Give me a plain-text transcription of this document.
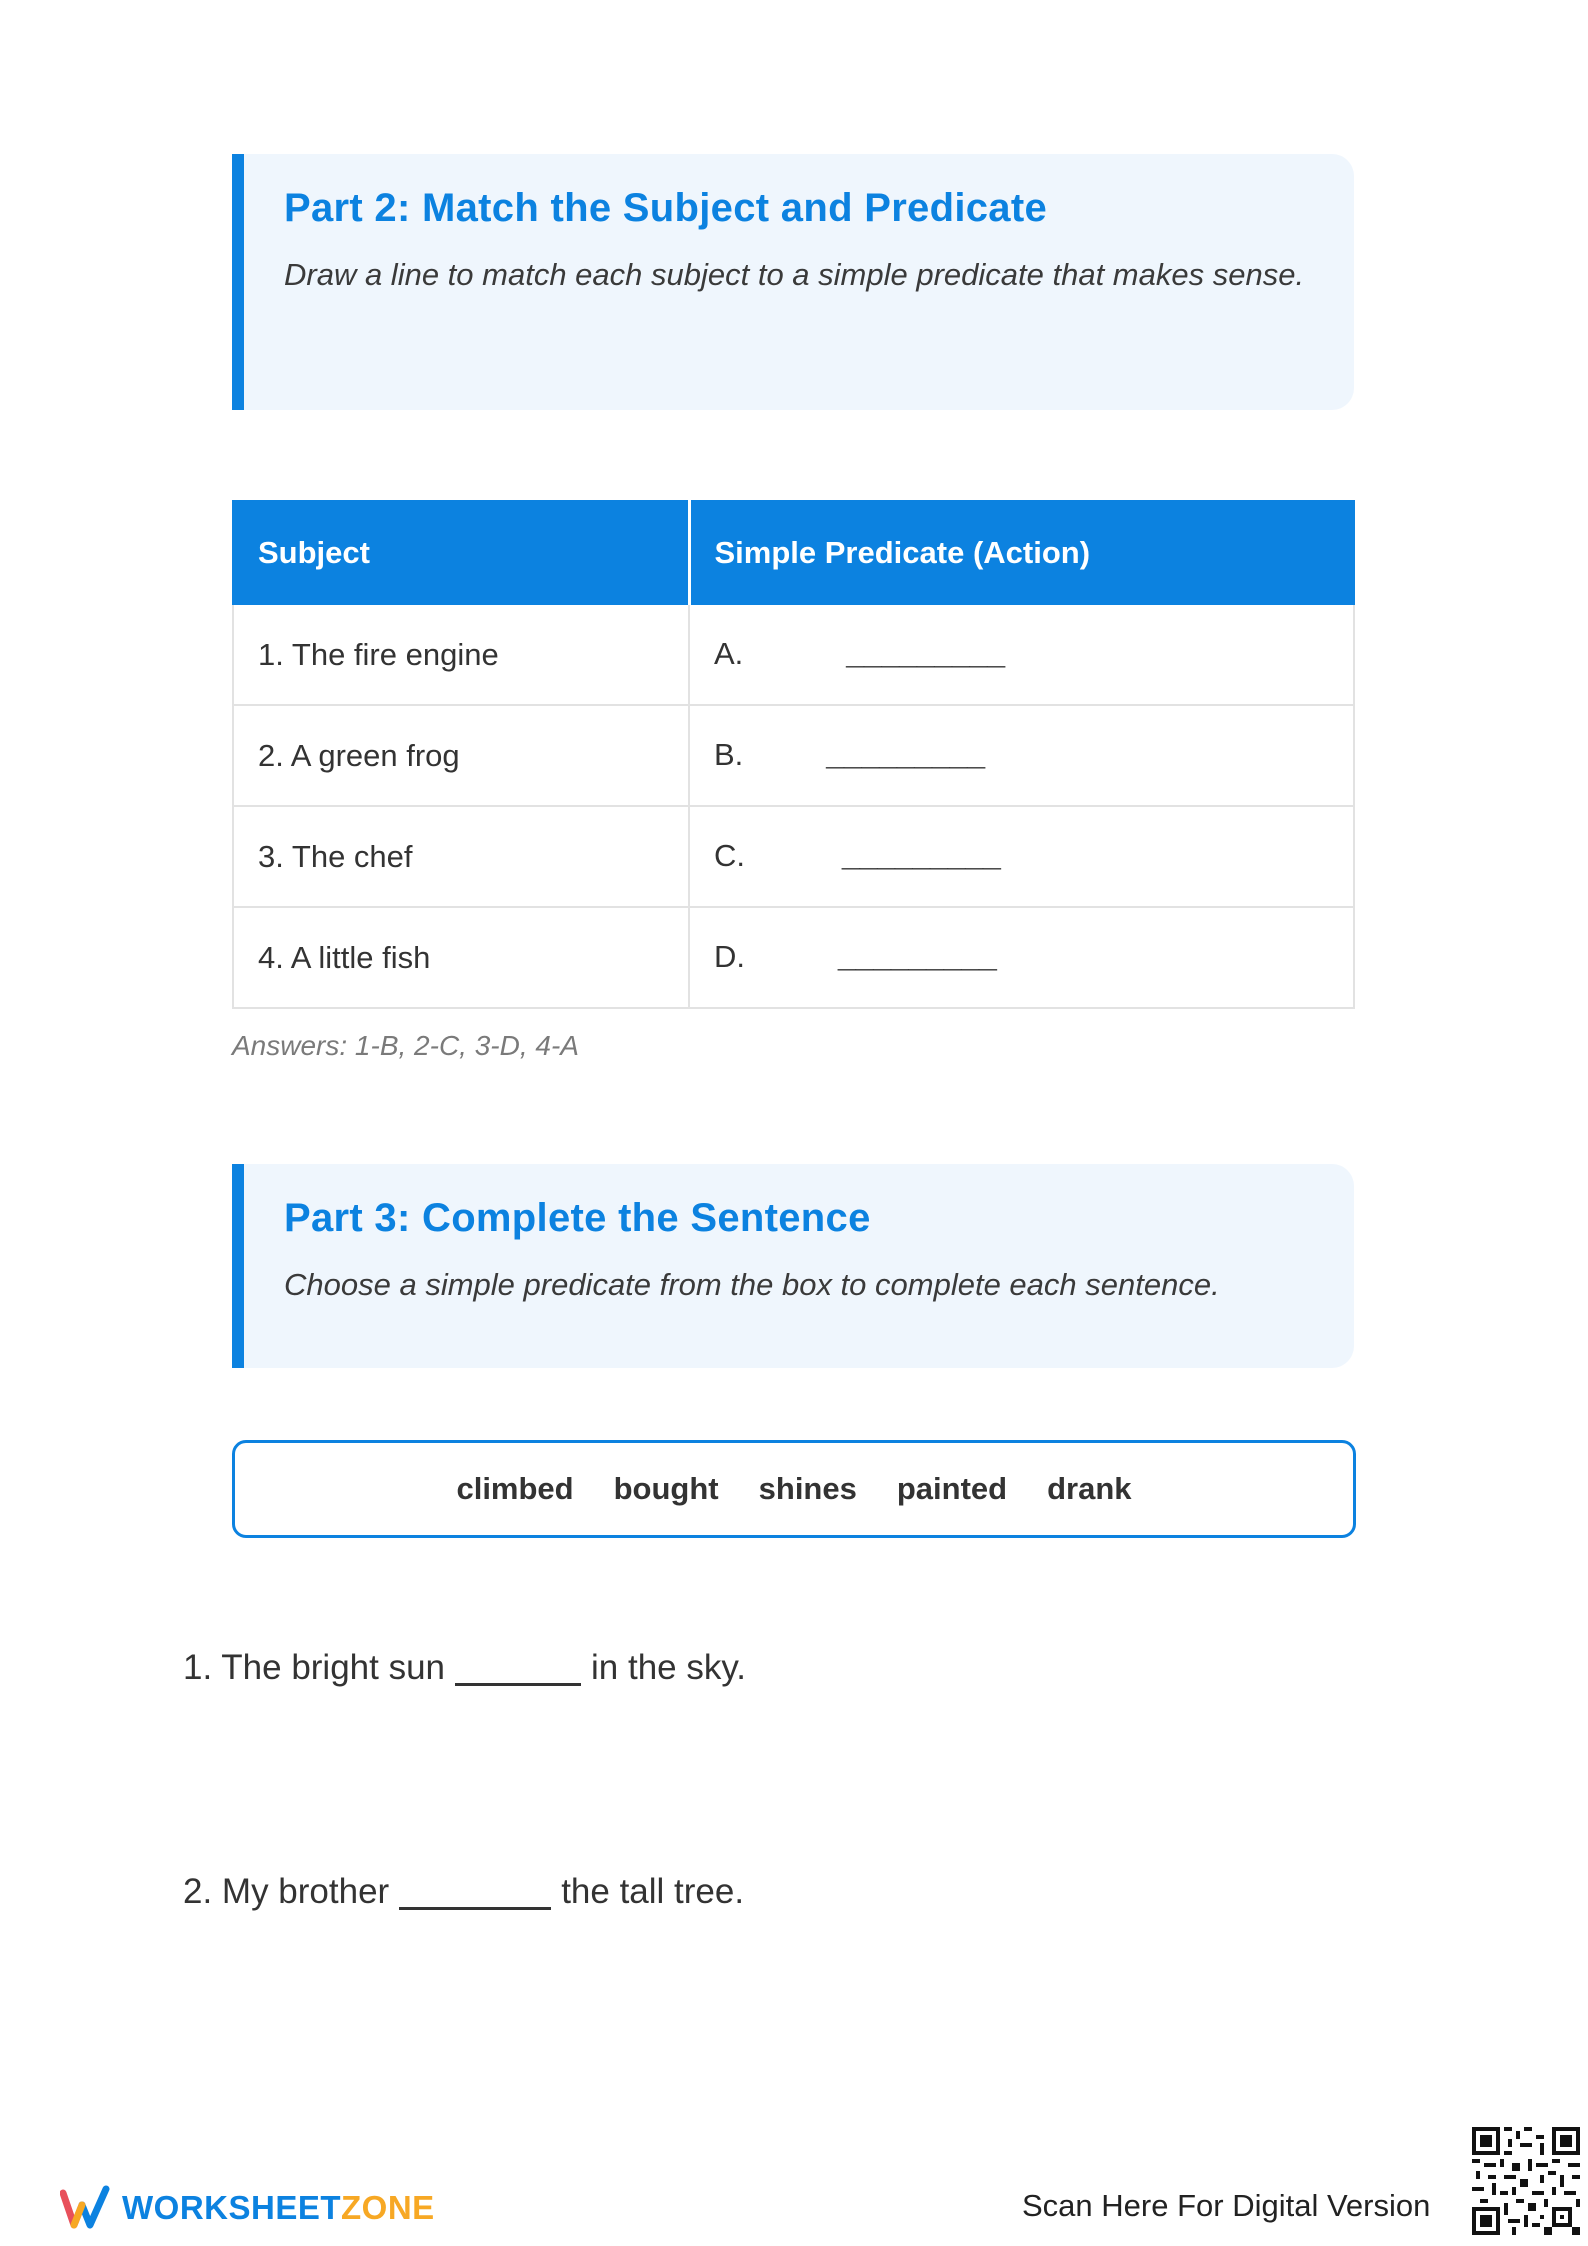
Part 2: Match the Subject and Predicate

Draw a line to match each subject to a simple predicate that makes sense.

Subject	Simple Predicate (Action)
1. The fire engine	A. _________
2. A green frog	B. _________
3. The chef	C. _________
4. A little fish	D. _________
Answers: 1-B, 2-C, 3-D, 4-A
Part 3: Complete the Sentence

Choose a simple predicate from the box to complete each sentence.

climbed bought shines painted drank
1. The bright sun	in the sky.
2. My brother	the tall tree.
WORKSHEETZONE	Scan Here For Digital Version
